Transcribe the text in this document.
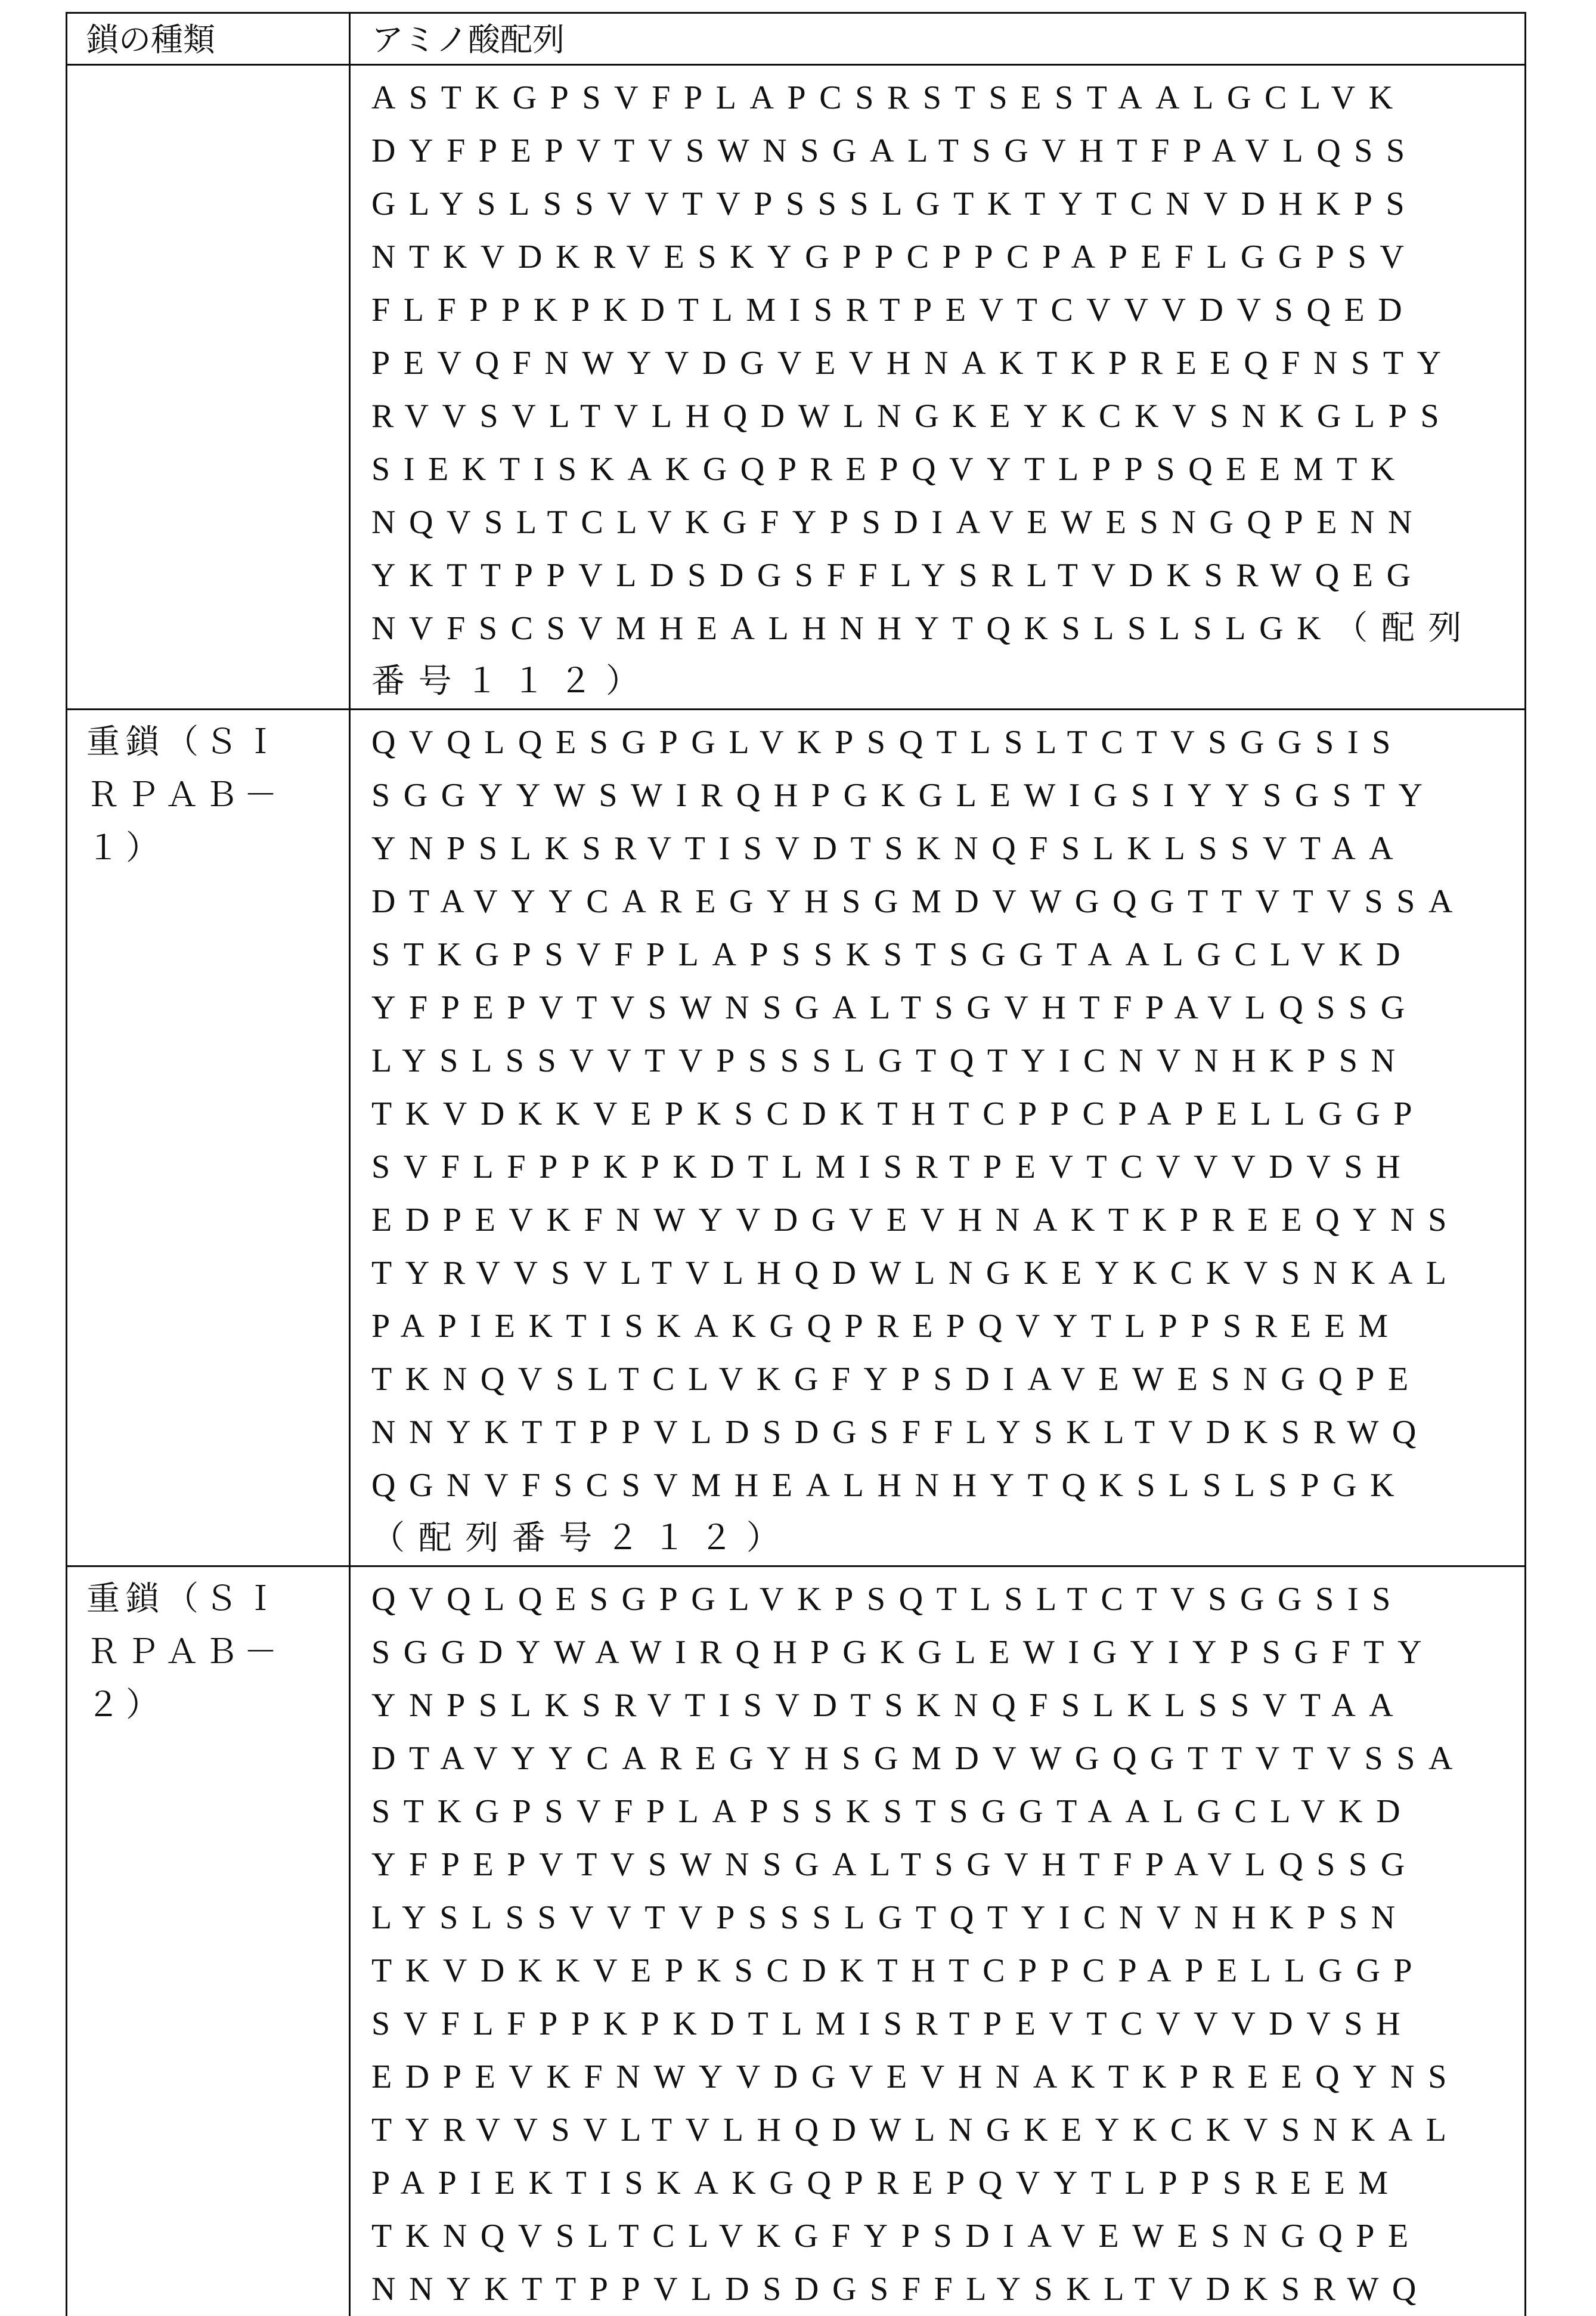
鎖の種類	アミノ酸配列

ASTKGPSVFPLAPCSRSTSESTAALGCLVK
DYFPEPVTVSWNSGALTSGVHTFPAVLQSS
GLYSLSSVVTVPSSSLGTKTYTCNVDHKPS
NTKVDKRVESKYGPPCPPCPAPEFLGGPSV
FLFPPKPKDTLMISRTPEVTCVVVDVSQED
PEVQFNWYVDGVEVHNAKTKPREEQFNSTY
RVVSVLTVLHQDWLNGKEYKCKVSNKGLPS
SIEKTISKAKGQPREPQVYTLPPSQEEMTK
NQVSLTCLVKGFYPSDIAVEWESNGQPENN
YKTTPPVLDSDGSFFLYSRLTVDKSRWQEG
NVFSCSVMHEALHNHYTQKSLSLSLGK（配列
番号１１２）

重鎖（ＳＩ
ＲＰＡＢ－
１）

QVQLQESGPGLVKPSQTLSLTCTVSGGSIS
SGGYYWSWIRQHPGKGLEWIGSIYYSGSTY
YNPSLKSRVTISVDTSKNQFSLKLSSVTAA
DTAVYYCAREGYHSGMDVWGQGTTVTVSSA
STKGPSVFPLAPSSKSTSGGTAALGCLVKD
YFPEPVTVSWNSGALTSGVHTFPAVLQSSG
LYSLSSVVTVPSSSLGTQTYICNVNHKPSN
TKVDKKVEPKSCDKTHTCPPCPAPELLGGP
SVFLFPPKPKDTLMISRTPEVTCVVVDVSH
EDPEVKFNWYVDGVEVHNAKTKPREEQYNS
TYRVVSVLTVLHQDWLNGKEYKCKVSNKAL
PAPIEKTISKAKGQPREPQVYTLPPSREEM
TKNQVSLTCLVKGFYPSDIAVEWESNGQPE
NNYKTTPPVLDSDGSFFLYSKLTVDKSRWQ
QGNVFSCSVMHEALHNHYTQKSLSLSPGK
（配列番号２１２）

重鎖（ＳＩ
ＲＰＡＢ－
２）

QVQLQESGPGLVKPSQTLSLTCTVSGGSIS
SGGDYWAWIRQHPGKGLEWIGYIYPSGFTY
YNPSLKSRVTISVDTSKNQFSLKLSSVTAA
DTAVYYCAREGYHSGMDVWGQGTTVTVSSA
STKGPSVFPLAPSSKSTSGGTAALGCLVKD
YFPEPVTVSWNSGALTSGVHTFPAVLQSSG
LYSLSSVVTVPSSSLGTQTYICNVNHKPSN
TKVDKKVEPKSCDKTHTCPPCPAPELLGGP
SVFLFPPKPKDTLMISRTPEVTCVVVDVSH
EDPEVKFNWYVDGVEVHNAKTKPREEQYNS
TYRVVSVLTVLHQDWLNGKEYKCKVSNKAL
PAPIEKTISKAKGQPREPQVYTLPPSREEM
TKNQVSLTCLVKGFYPSDIAVEWESNGQPE
NNYKTTPPVLDSDGSFFLYSKLTVDKSRWQ
